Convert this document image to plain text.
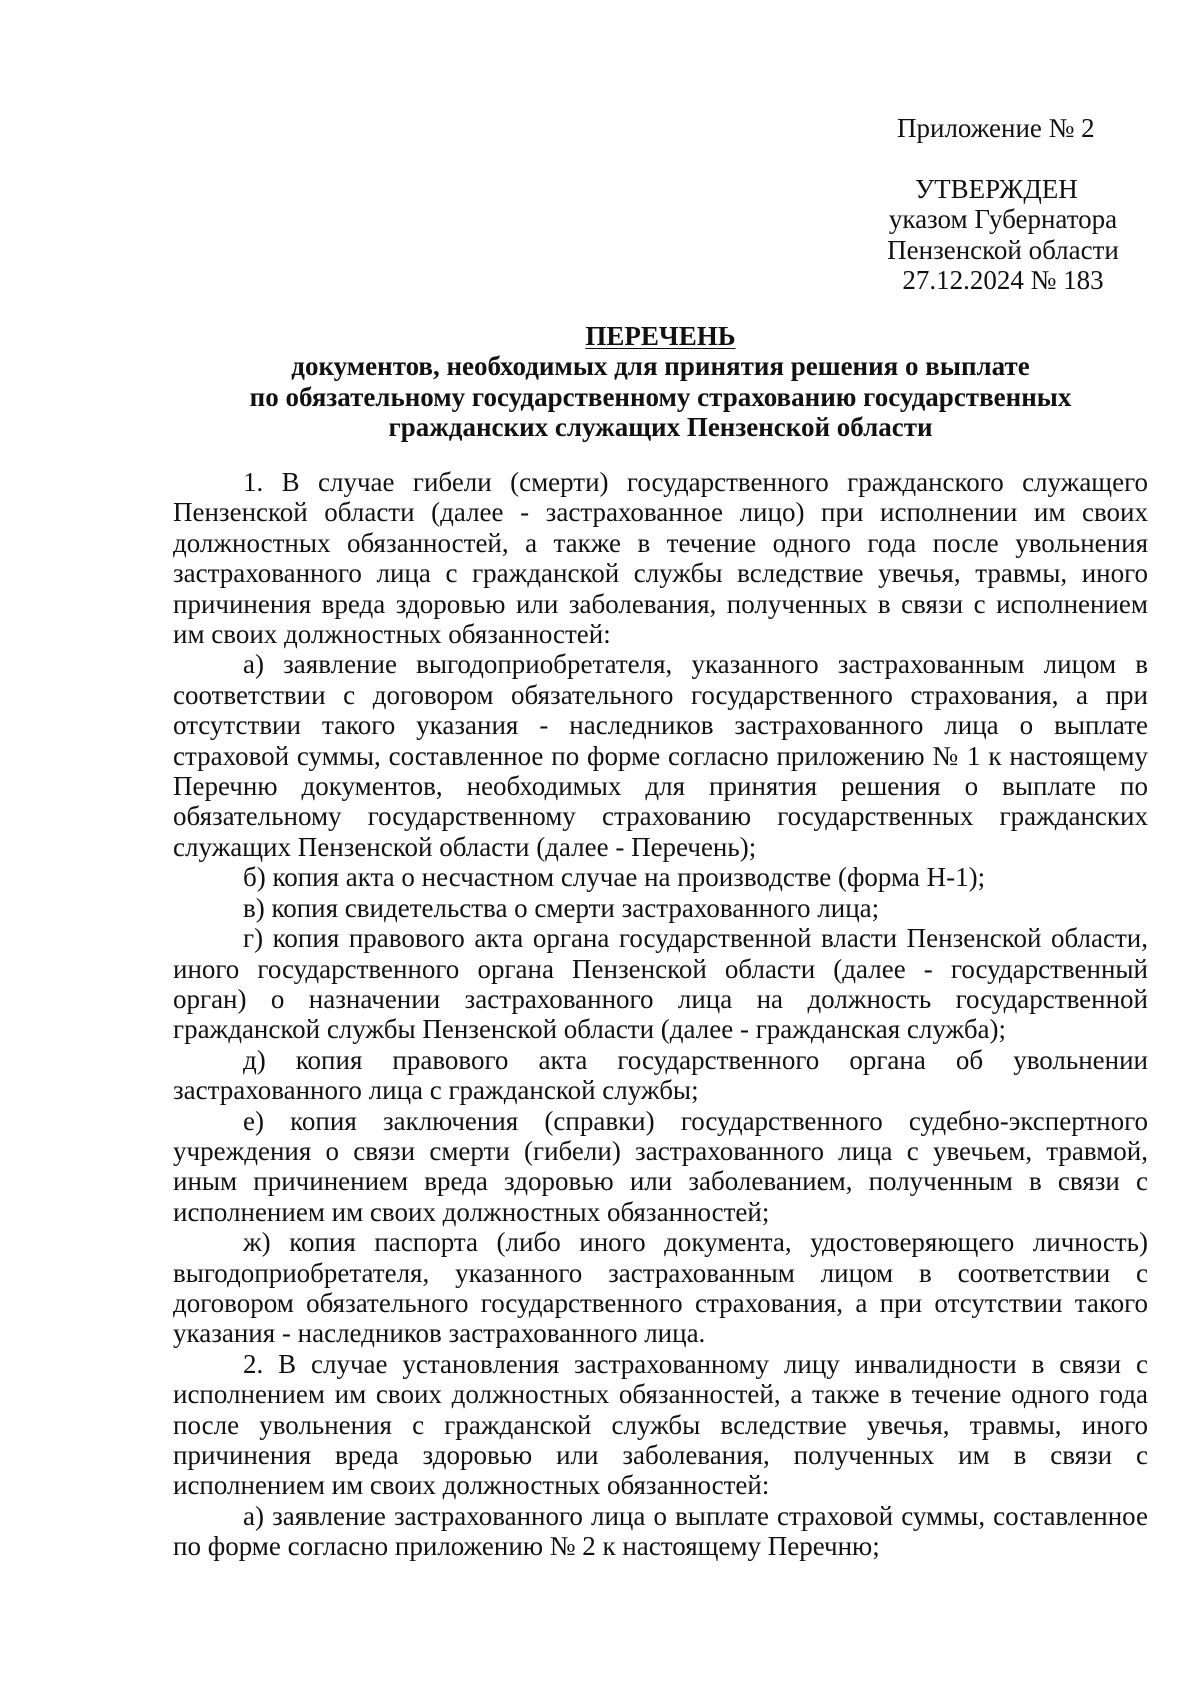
Приложение № 2
УТВЕРЖДЕН
указом Губернатора
Пензенской области
27.12.2024 № 183
ПЕРЕЧЕНЬ
документов, необходимых для принятия решения о выплате
по обязательному государственному страхованию государственных
гражданских служащих Пензенской области

1. В случае гибели (смерти) государственного гражданского служащего Пензенской области (далее - застрахованное лицо) при исполнении им своих должностных обязанностей, а также в течение одного года после увольнения застрахованного лица с гражданской службы вследствие увечья, травмы, иного причинения вреда здоровью или заболевания, полученных в связи с исполнением им своих должностных обязанностей:

а) заявление выгодоприобретателя, указанного застрахованным лицом в соответствии с договором обязательного государственного страхования, а при отсутствии такого указания - наследников застрахованного лица о выплате страховой суммы, составленное по форме согласно приложению № 1 к настоящему Перечню документов, необходимых для принятия решения о выплате по обязательному государственному страхованию государственных гражданских служащих Пензенской области (далее - Перечень);

б) копия акта о несчастном случае на производстве (форма Н-1);

в) копия свидетельства о смерти застрахованного лица;

г) копия правового акта органа государственной власти Пензенской области, иного государственного органа Пензенской области (далее - государственный орган) о назначении застрахованного лица на должность государственной гражданской службы Пензенской области (далее - гражданская служба);

д) копия правового акта государственного органа об увольнении застрахованного лица с гражданской службы;

е) копия заключения (справки) государственного судебно-экспертного учреждения о связи смерти (гибели) застрахованного лица с увечьем, травмой, иным причинением вреда здоровью или заболеванием, полученным в связи с исполнением им своих должностных обязанностей;

ж) копия паспорта (либо иного документа, удостоверяющего личность) выгодоприобретателя, указанного застрахованным лицом в соответствии с договором обязательного государственного страхования, а при отсутствии такого указания - наследников застрахованного лица.

2. В случае установления застрахованному лицу инвалидности в связи с исполнением им своих должностных обязанностей, а также в течение одного года после увольнения с гражданской службы вследствие увечья, травмы, иного причинения вреда здоровью или заболевания, полученных им в связи с исполнением им своих должностных обязанностей:

а) заявление застрахованного лица о выплате страховой суммы, составленное по форме согласно приложению № 2 к настоящему Перечню;
